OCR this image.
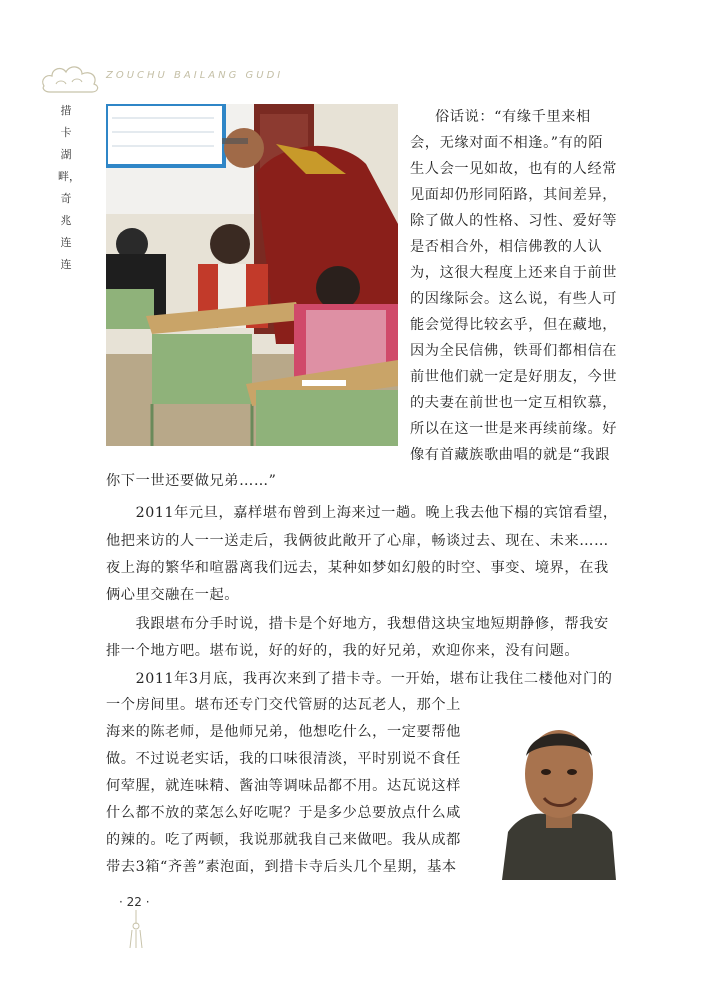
ZOUCHU BAILANG GUDI
措卡湖畔，奇兆连连
俗话说：“有缘千里来相
会，无缘对面不相逢。”有的陌
生人会一见如故，也有的人经常
见面却仍形同陌路，其间差异，
除了做人的性格、习性、爱好等
是否相合外，相信佛教的人认
为，这很大程度上还来自于前世
的因缘际会。这么说，有些人可
能会觉得比较玄乎，但在藏地，
因为全民信佛，铁哥们都相信在
前世他们就一定是好朋友，今世
的夫妻在前世也一定互相钦慕，
所以在这一世是来再续前缘。好
像有首藏族歌曲唱的就是“我跟
你下一世还要做兄弟……”
　　2011年元旦，嘉样堪布曾到上海来过一趟。晚上我去他下榻的宾馆看望，
他把来访的人一一送走后，我俩彼此敞开了心扉，畅谈过去、现在、未来……
夜上海的繁华和喧嚣离我们远去，某种如梦如幻般的时空、事变、境界，在我
俩心里交融在一起。
　　我跟堪布分手时说，措卡是个好地方，我想借这块宝地短期静修，帮我安
排一个地方吧。堪布说，好的好的，我的好兄弟，欢迎你来，没有问题。
　　2011年3月底，我再次来到了措卡寺。一开始，堪布让我住二楼他对门的
一个房间里。堪布还专门交代管厨的达瓦老人，那个上
海来的陈老师，是他师兄弟，他想吃什么，一定要帮他
做。不过说老实话，我的口味很清淡，平时别说不食任
何荤腥，就连味精、酱油等调味品都不用。达瓦说这样
什么都不放的菜怎么好吃呢？于是多少总要放点什么咸
的辣的。吃了两顿，我说那就我自己来做吧。我从成都
带去3箱“齐善”素泡面，到措卡寺后头几个星期，基本
· 22 ·
